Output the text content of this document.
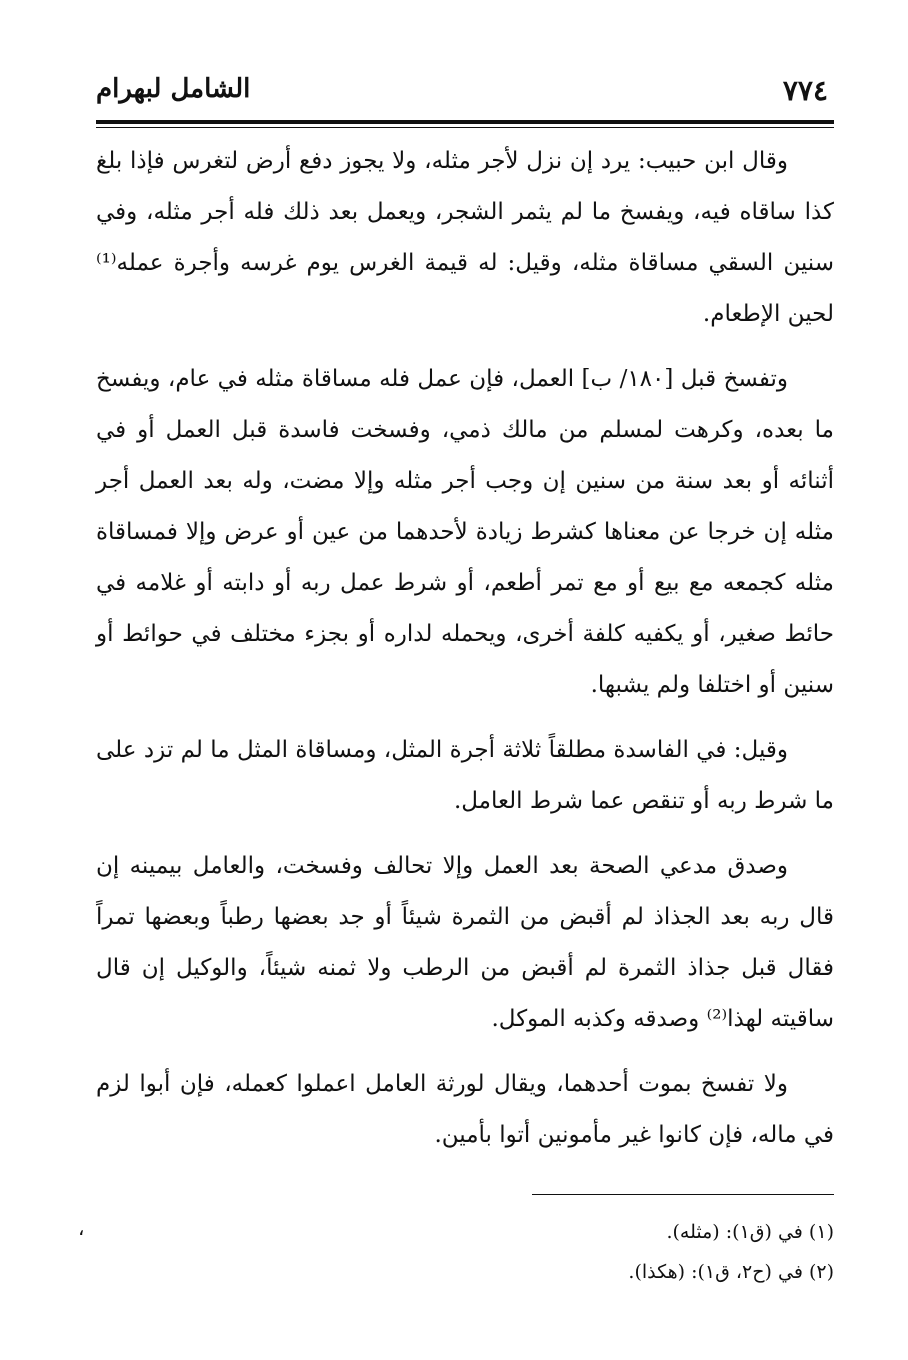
٧٧٤
الشامل لبهرام

وقال ابن حبيب: يرد إن نزل لأجر مثله، ولا يجوز دفع أرض لتغرس فإذا بلغ كذا ساقاه فيه، ويفسخ ما لم يثمر الشجر، ويعمل بعد ذلك فله أجر مثله، وفي سنين السقي مساقاة مثله، وقيل: له قيمة الغرس يوم غرسه وأجرة عمله⁽¹⁾ لحين الإطعام.

وتفسخ قبل [١٨٠/ ب] العمل، فإن عمل فله مساقاة مثله في عام، ويفسخ ما بعده، وكرهت لمسلم من مالك ذمي، وفسخت فاسدة قبل العمل أو في أثنائه أو بعد سنة من سنين إن وجب أجر مثله وإلا مضت، وله بعد العمل أجر مثله إن خرجا عن معناها كشرط زيادة لأحدهما من عين أو عرض وإلا فمساقاة مثله كجمعه مع بيع أو مع تمر أطعم، أو شرط عمل ربه أو دابته أو غلامه في حائط صغير، أو يكفيه كلفة أخرى، ويحمله لداره أو بجزء مختلف في حوائط أو سنين أو اختلفا ولم يشبها.

وقيل: في الفاسدة مطلقاً ثلاثة أجرة المثل، ومساقاة المثل ما لم تزد على ما شرط ربه أو تنقص عما شرط العامل.

وصدق مدعي الصحة بعد العمل وإلا تحالف وفسخت، والعامل بيمينه إن قال ربه بعد الجذاذ لم أقبض من الثمرة شيئاً أو جد بعضها رطباً وبعضها تمراً فقال قبل جذاذ الثمرة لم أقبض من الرطب ولا ثمنه شيئاً، والوكيل إن قال ساقيته لهذا⁽²⁾ وصدقه وكذبه الموكل.

ولا تفسخ بموت أحدهما، ويقال لورثة العامل اعملوا كعمله، فإن أبوا لزم في ماله، فإن كانوا غير مأمونين أتوا بأمين.

(١) في (ق١): (مثله).

(٢) في (ح٢، ق١): (هكذا).

،
